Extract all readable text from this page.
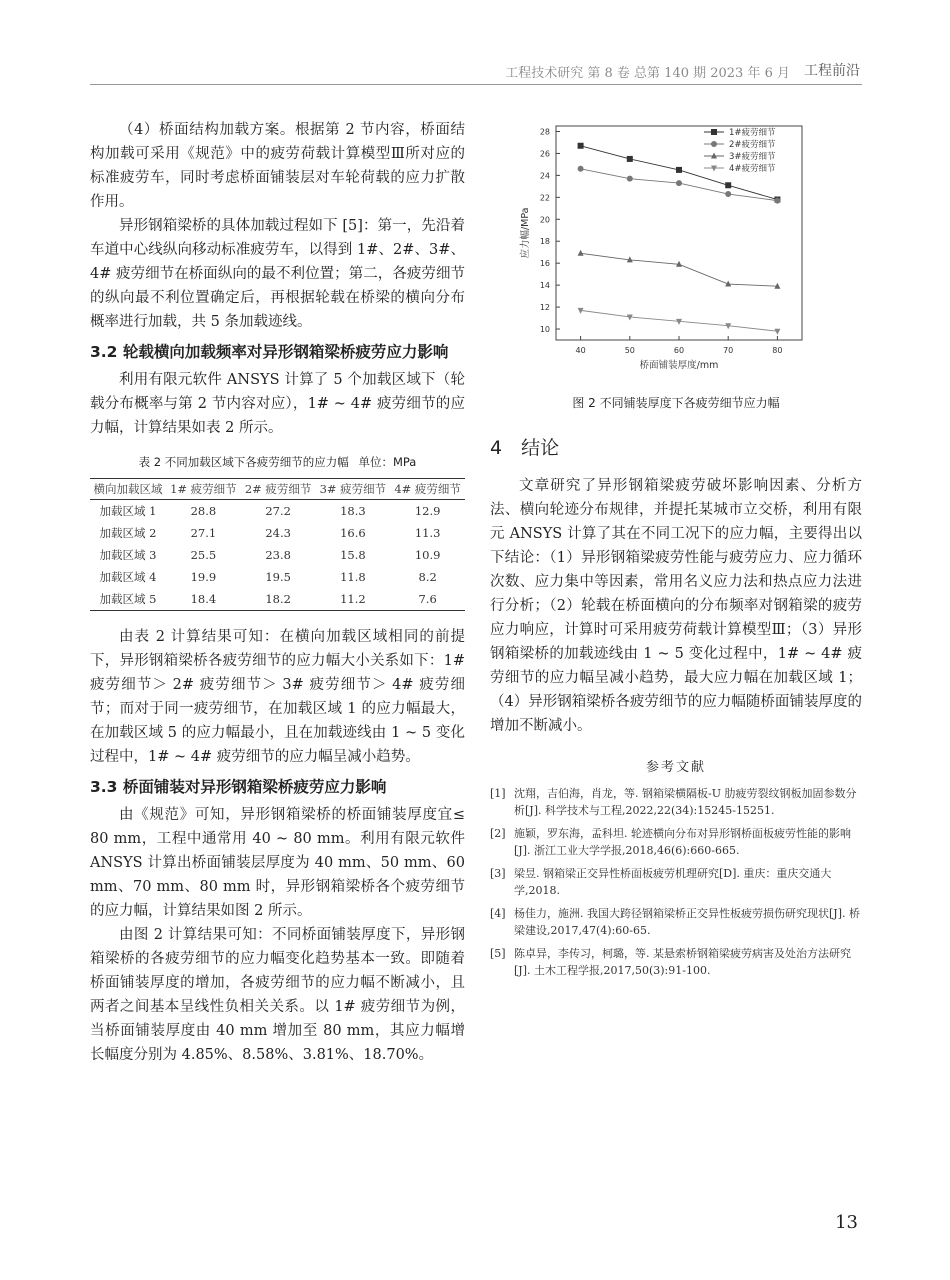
工程技术研究 第 8 卷 总第 140 期 2023 年 6 月 工程前沿

（4）桥面结构加载方案。根据第 2 节内容，桥面结构加载可采用《规范》中的疲劳荷载计算模型Ⅲ所对应的标准疲劳车，同时考虑桥面铺装层对车轮荷载的应力扩散作用。

异形钢箱梁桥的具体加载过程如下 [5]：第一，先沿着车道中心线纵向移动标准疲劳车，以得到 1#、2#、3#、4# 疲劳细节在桥面纵向的最不利位置；第二，各疲劳细节的纵向最不利位置确定后，再根据轮载在桥梁的横向分布概率进行加载，共 5 条加载迹线。

3.2 轮载横向加载频率对异形钢箱梁桥疲劳应力影响

利用有限元软件 ANSYS 计算了 5 个加载区域下（轮载分布概率与第 2 节内容对应），1# ~ 4# 疲劳细节的应力幅，计算结果如表 2 所示。

表 2 不同加载区域下各疲劳细节的应力幅 单位：MPa
横向加载区域	1# 疲劳细节	2# 疲劳细节	3# 疲劳细节	4# 疲劳细节
加载区域 1	28.8	27.2	18.3	12.9
加载区域 2	27.1	24.3	16.6	11.3
加载区域 3	25.5	23.8	15.8	10.9
加载区域 4	19.9	19.5	11.8	8.2
加载区域 5	18.4	18.2	11.2	7.6

由表 2 计算结果可知：在横向加载区域相同的前提下，异形钢箱梁桥各疲劳细节的应力幅大小关系如下：1# 疲劳细节＞ 2# 疲劳细节＞ 3# 疲劳细节＞ 4# 疲劳细节；而对于同一疲劳细节，在加载区域 1 的应力幅最大，在加载区域 5 的应力幅最小，且在加载迹线由 1 ~ 5 变化过程中，1# ~ 4# 疲劳细节的应力幅呈减小趋势。

3.3 桥面铺装对异形钢箱梁桥疲劳应力影响

由《规范》可知，异形钢箱梁桥的桥面铺装厚度宜≤ 80 mm，工程中通常用 40 ~ 80 mm。利用有限元软件 ANSYS 计算出桥面铺装层厚度为 40 mm、50 mm、60 mm、70 mm、80 mm 时，异形钢箱梁桥各个疲劳细节的应力幅，计算结果如图 2 所示。

由图 2 计算结果可知：不同桥面铺装厚度下，异形钢箱梁桥的各疲劳细节的应力幅变化趋势基本一致。即随着桥面铺装厚度的增加，各疲劳细节的应力幅不断减小，且两者之间基本呈线性负相关关系。以 1# 疲劳细节为例，当桥面铺装厚度由 40 mm 增加至 80 mm，其应力幅增长幅度分别为 4.85%、8.58%、3.81%、18.70%。

10
12
14
16
18
20
22
24
26
28
40	50	60	70	80
桥面铺装厚度/mm
应力幅/MPa
1#疲劳细节
2#疲劳细节
3#疲劳细节
4#疲劳细节
图 2 不同铺装厚度下各疲劳细节应力幅
4　结论

文章研究了异形钢箱梁疲劳破坏影响因素、分析方法、横向轮迹分布规律，并提托某城市立交桥，利用有限元 ANSYS 计算了其在不同工况下的应力幅，主要得出以下结论：（1）异形钢箱梁疲劳性能与疲劳应力、应力循环次数、应力集中等因素，常用名义应力法和热点应力法进行分析；（2）轮载在桥面横向的分布频率对钢箱梁的疲劳应力响应，计算时可采用疲劳荷载计算模型Ⅲ；（3）异形钢箱梁桥的加载迹线由 1 ~ 5 变化过程中，1# ~ 4# 疲劳细节的应力幅呈减小趋势，最大应力幅在加载区域 1；（4）异形钢箱梁桥各疲劳细节的应力幅随桥面铺装厚度的增加不断减小。

参考文献
[1] 沈翔，吉伯海，肖龙，等. 钢箱梁横隔板-U 肋疲劳裂纹钢板加固参数分析[J]. 科学技术与工程,2022,22(34):15245-15251.
[2] 施颖，罗东海，孟科坦. 轮迹横向分布对异形钢桥面板疲劳性能的影响[J]. 浙江工业大学学报,2018,46(6):660-665.
[3] 梁昱. 钢箱梁正交异性桥面板疲劳机理研究[D]. 重庆：重庆交通大学,2018.
[4] 杨佳力，施洲. 我国大跨径钢箱梁桥正交异性板疲劳损伤研究现状[J]. 桥梁建设,2017,47(4):60-65.
[5] 陈卓异，李传习，柯璐，等. 某悬索桥钢箱梁疲劳病害及处治方法研究[J]. 土木工程学报,2017,50(3):91-100.
13
